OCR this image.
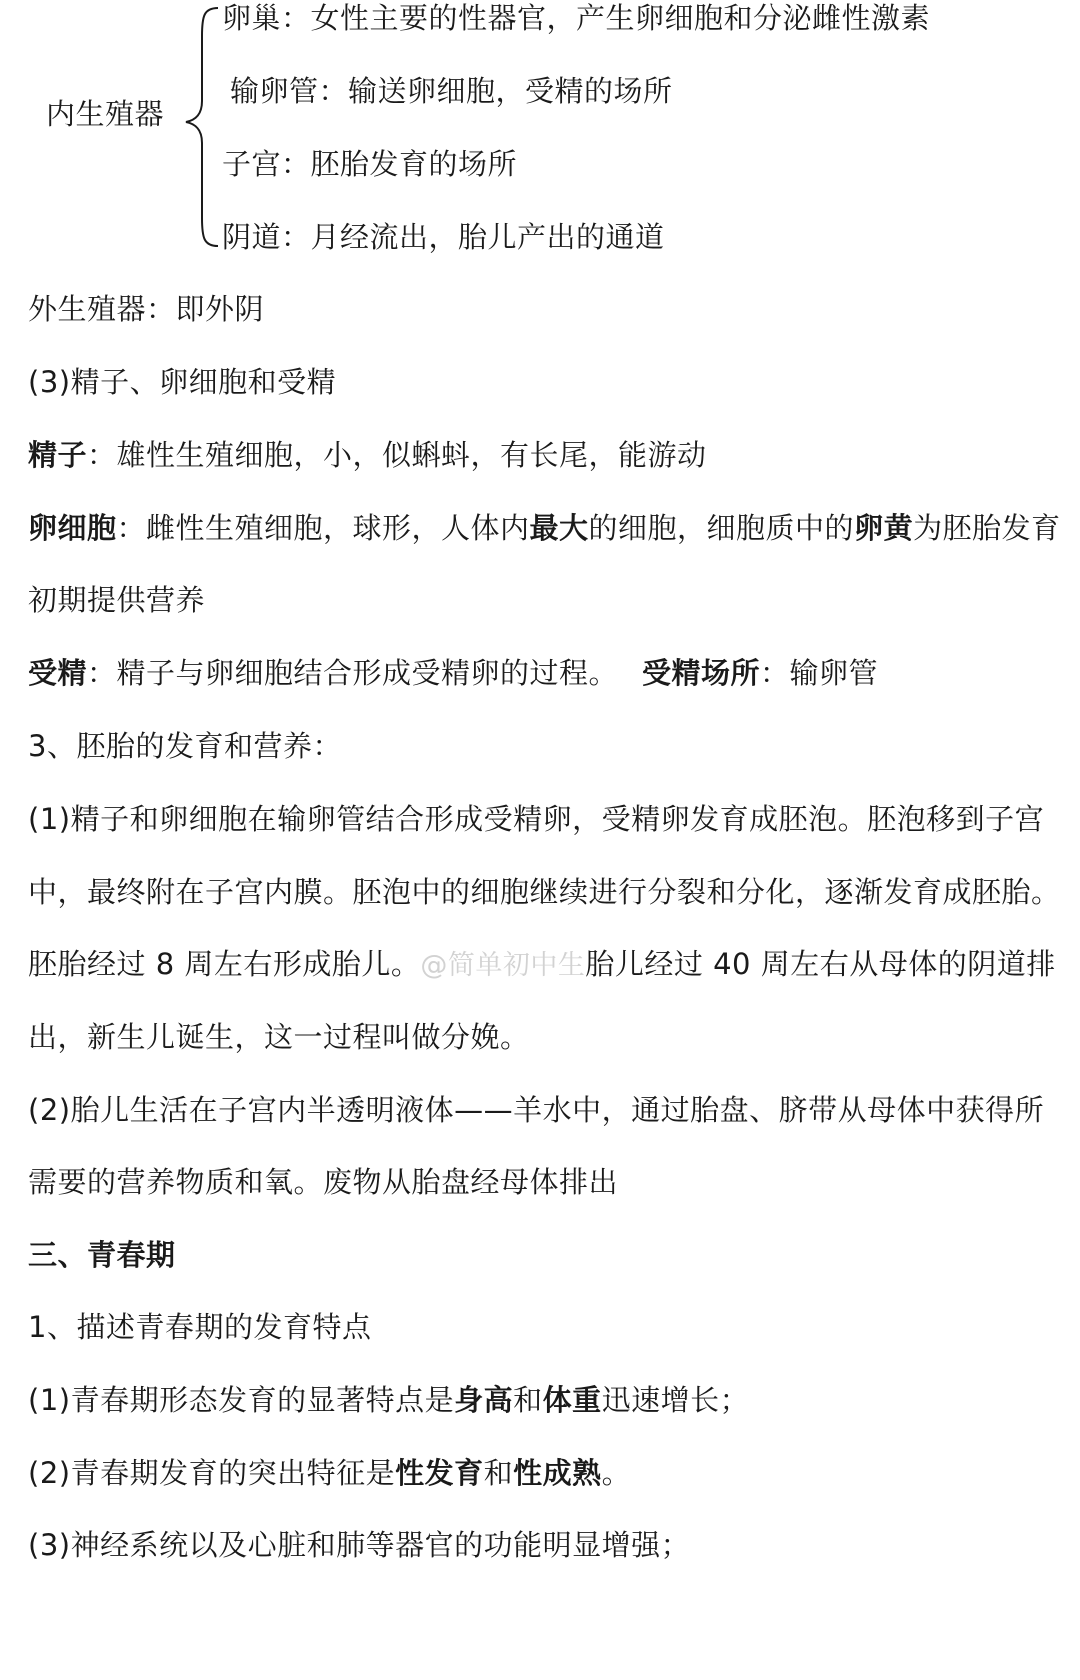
内生殖器
卵巢：女性主要的性器官，产生卵细胞和分泌雌性激素
输卵管：输送卵细胞，受精的场所
子宫：胚胎发育的场所
阴道：月经流出，胎儿产出的通道
外生殖器：即外阴
(3)精子、卵细胞和受精
精子：雄性生殖细胞，小，似蝌蚪，有长尾，能游动
卵细胞：雌性生殖细胞，球形，人体内最大的细胞，细胞质中的卵黄为胚胎发育
初期提供营养
受精：精子与卵细胞结合形成受精卵的过程。 受精场所：输卵管
3、胚胎的发育和营养：
(1)精子和卵细胞在输卵管结合形成受精卵，受精卵发育成胚泡。胚泡移到子宫
中，最终附在子宫内膜。胚泡中的细胞继续进行分裂和分化，逐渐发育成胚胎。
胚胎经过 8 周左右形成胎儿。@简单初中生胎儿经过 40 周左右从母体的阴道排
出，新生儿诞生，这一过程叫做分娩。
(2)胎儿生活在子宫内半透明液体——羊水中，通过胎盘、脐带从母体中获得所
需要的营养物质和氧。废物从胎盘经母体排出
三、青春期
1、描述青春期的发育特点
(1)青春期形态发育的显著特点是身高和体重迅速增长；
(2)青春期发育的突出特征是性发育和性成熟。
(3)神经系统以及心脏和肺等器官的功能明显增强；
